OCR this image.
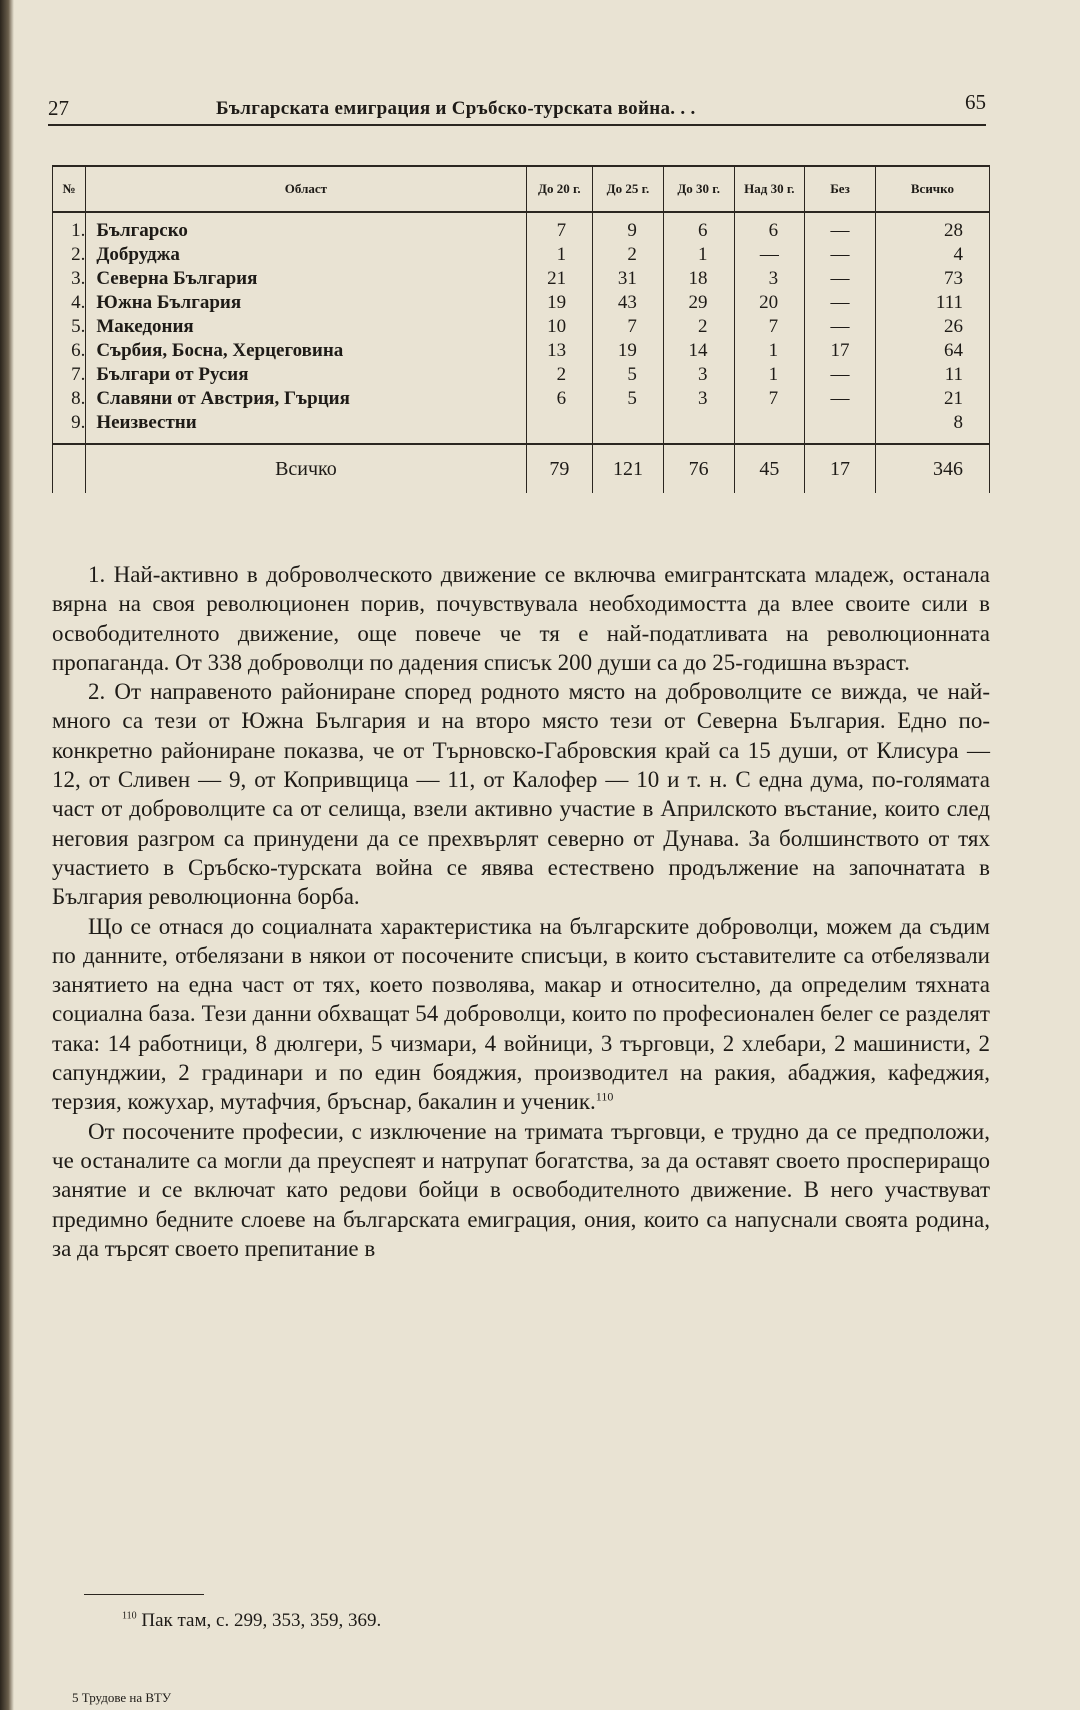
27	Българската емиграция и Сръбско-турската война. . .	65
№	Област	До 20 г.	До 25 г.	До 30 г.	Над 30 г.	Без	Всичко
1.	Българско	7	9	6	6	—	28
2.	Добруджа	1	2	1	—	—	4
3.	Северна България	21	31	18	3	—	73
4.	Южна България	19	43	29	20	—	111
5.	Македония	10	7	2	7	—	26
6.	Сърбия, Босна, Херцеговина	13	19	14	1	17	64
7.	Българи от Русия	2	5	3	1	—	11
8.	Славяни от Австрия, Гърция	6	5	3	7	—	21
9.	Неизвестни						8
	Всичко	79	121	76	45	17	346

1. Най-активно в доброволческото движение се включва емигрантската младеж, останала вярна на своя революционен порив, почувствувала необходимостта да влее своите сили в освободителното движение, още повече че тя е най-податливата на революционната пропаганда. От 338 доброволци по дадения списък 200 души са до 25-годишна възраст.

2. От направеното райониране според родното място на доброволците се вижда, че най-много са тези от Южна България и на второ място тези от Северна България. Едно по-конкретно райониране показва, че от Търновско-Габровския край са 15 души, от Клисура — 12, от Сливен — 9, от Копривщица — 11, от Калофер — 10 и т. н. С една дума, по-голямата част от доброволците са от селища, взели активно участие в Априлското въстание, които след неговия разгром са принудени да се прехвърлят северно от Дунава. За болшинството от тях участието в Сръбско-турската война се явява естествено продължение на започнатата в България революционна борба.

Що се отнася до социалната характеристика на българските доброволци, можем да съдим по данните, отбелязани в някои от посочените списъци, в които съставителите са отбелязвали занятието на една част от тях, което позволява, макар и относително, да определим тяхната социална база. Тези данни обхващат 54 доброволци, които по професионален белег се разделят така: 14 работници, 8 дюлгери, 5 чизмари, 4 войници, 3 търговци, 2 хлебари, 2 машинисти, 2 сапунджии, 2 градинари и по един бояджия, производител на ракия, абаджия, кафеджия, терзия, кожухар, мутафчия, бръснар, бакалин и ученик.$^{110}$

От посочените професии, с изключение на тримата търговци, е трудно да се предположи, че останалите са могли да преуспеят и натрупат богатства, за да оставят своето проспериращо занятие и се включат като редови бойци в освободителното движение. В него участвуват предимно бедните слоеве на българската емиграция, ония, които са напуснали своята родина, за да търсят своето препитание в

$^{110}$ Пак там, с. 299, 353, 359, 369.
5 Трудове на ВТУ
